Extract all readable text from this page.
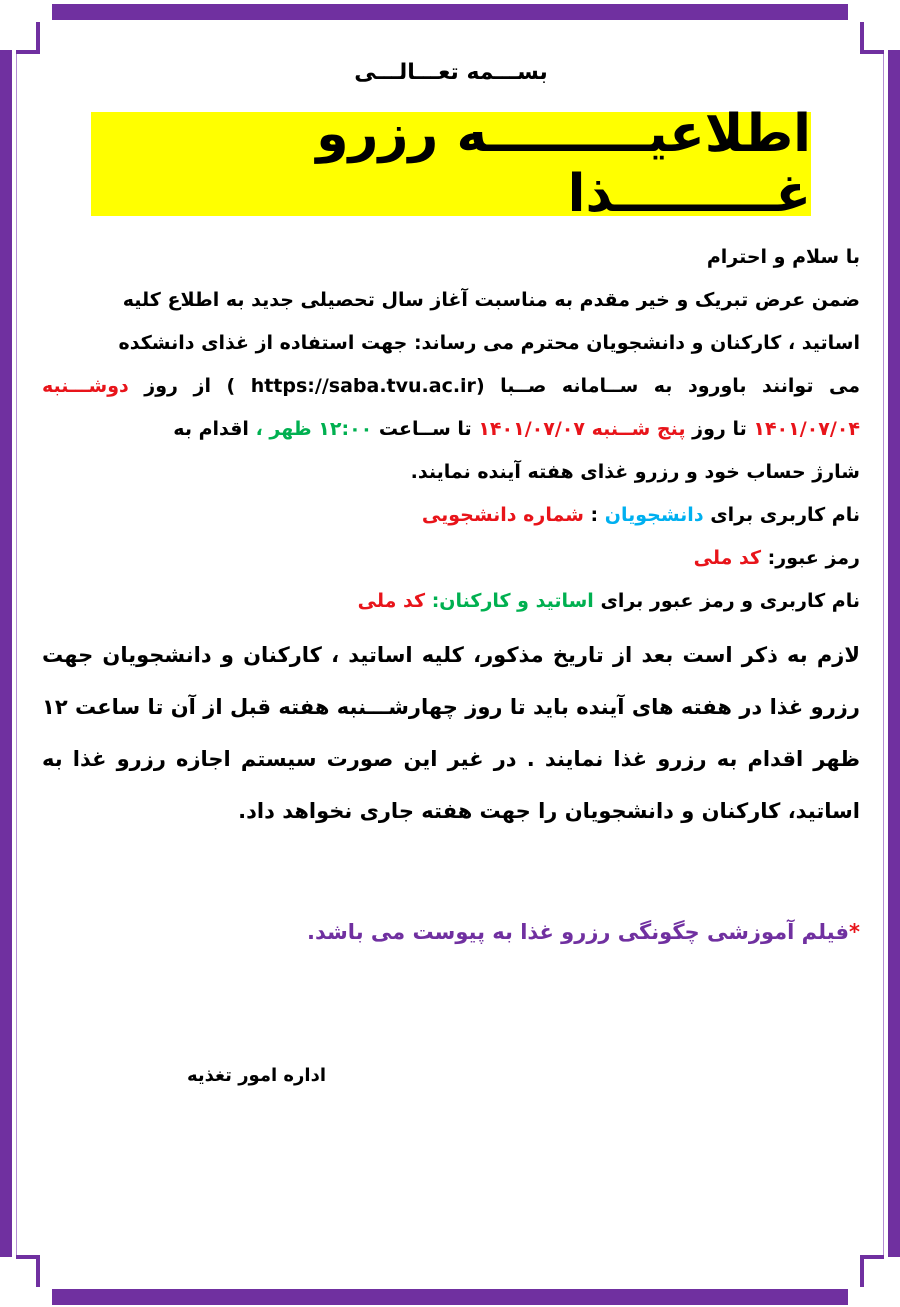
بســـمه تعـــالـــی

اطلاعیـــــــــه رزرو غـــــــــذا

با سلام و احترام

ضمن عرض تبریک و خیر مقدم به مناسبت آغاز سال تحصیلی جدید به اطلاع کلیه

اساتید ، کارکنان و دانشجویان محترم می رساند: جهت استفاده از غذای دانشکده

می توانند باورود به ســامانه صــبا (https://saba.tvu.ac.ir ) از روز دوشـــنبه ۱۴۰۱/۰۷/۰۴ تا روز پنج شــنبه ۱۴۰۱/۰۷/۰۷ تا ســاعت ۱۲:۰۰ ظهر ، اقدام به

شارژ حساب خود و رزرو غذای هفته آینده نمایند.

نام کاربری برای دانشجویان : شماره دانشجویی

رمز عبور: کد ملی

نام کاربری و رمز عبور برای اساتید و کارکنان: کد ملی

لازم به ذکر است بعد از تاریخ مذکور، کلیه اساتید ، کارکنان و دانشجویان جهت رزرو غذا در هفته های آینده باید تا روز چهارشـــنبه هفته قبل از آن تا ساعت ۱۲ ظهر اقدام به رزرو غذا نمایند . در غیر این صورت سیستم اجازه رزرو غذا به اساتید، کارکنان و دانشجویان را جهت هفته جاری نخواهد داد.

*فیلم آموزشی چگونگی رزرو غذا به پیوست می باشد.

اداره امور تغذیه
